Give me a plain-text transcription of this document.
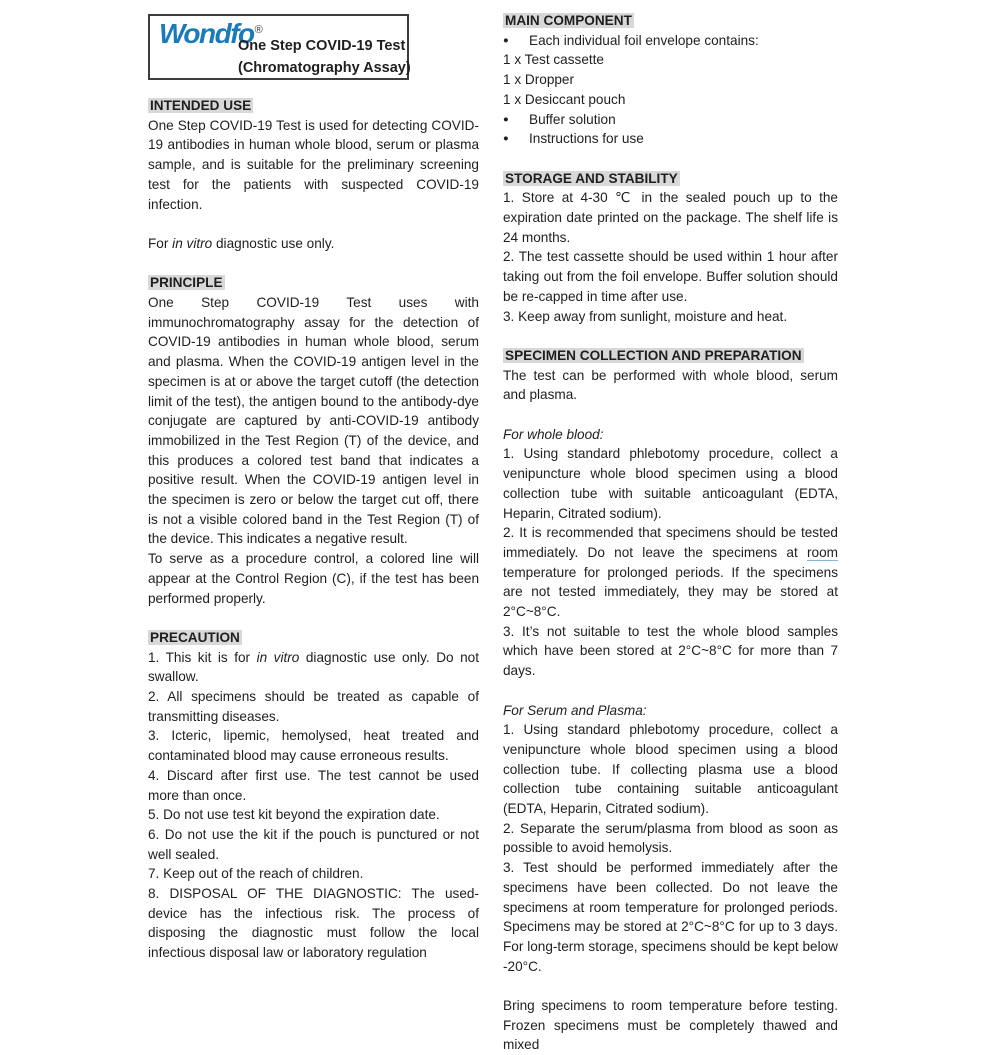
Wondfo®
One Step COVID-19 Test
(Chromatography Assay)
INTENDED USE

One Step COVID-19 Test is used for detecting COVID-19 antibodies in human whole blood, serum or plasma sample, and is suitable for the preliminary screening test for the patients with suspected COVID-19 infection.

For in vitro diagnostic use only.

PRINCIPLE

One Step COVID-19 Test uses with immunochromatography assay for the detection of COVID-19 antibodies in human whole blood, serum and plasma. When the COVID-19 antigen level in the specimen is at or above the target cutoff (the detection limit of the test), the antigen bound to the antibody-dye conjugate are captured by anti-COVID-19 antibody immobilized in the Test Region (T) of the device, and this produces a colored test band that indicates a positive result. When the COVID-19 antigen level in the specimen is zero or below the target cut off, there is not a visible colored band in the Test Region (T) of the device. This indicates a negative result.

To serve as a procedure control, a colored line will appear at the Control Region (C), if the test has been performed properly.

PRECAUTION

1. This kit is for in vitro diagnostic use only. Do not swallow.

2. All specimens should be treated as capable of transmitting diseases.

3. Icteric, lipemic, hemolysed, heat treated and contaminated blood may cause erroneous results.

4. Discard after first use. The test cannot be used more than once.

5. Do not use test kit beyond the expiration date.

6. Do not use the kit if the pouch is punctured or not well sealed.

7. Keep out of the reach of children.

8. DISPOSAL OF THE DIAGNOSTIC: The used-device has the infectious risk. The process of disposing the diagnostic must follow the local infectious disposal law or laboratory regulation

MAIN COMPONENT
●	Each individual foil envelope contains:

1 x Test cassette

1 x Dropper

1 x Desiccant pouch

●	Buffer solution
●	Instructions for use
STORAGE AND STABILITY

1. Store at 4-30 ℃ in the sealed pouch up to the expiration date printed on the package. The shelf life is 24 months.

2. The test cassette should be used within 1 hour after taking out from the foil envelope. Buffer solution should be re-capped in time after use.

3. Keep away from sunlight, moisture and heat.

SPECIMEN COLLECTION AND PREPARATION

The test can be performed with whole blood, serum and plasma.

For whole blood:

1. Using standard phlebotomy procedure, collect a venipuncture whole blood specimen using a blood collection tube with suitable anticoagulant (EDTA, Heparin, Citrated sodium).

2. It is recommended that specimens should be tested immediately. Do not leave the specimens at room temperature for prolonged periods. If the specimens are not tested immediately, they may be stored at 2°C~8°C.

3. It’s not suitable to test the whole blood samples which have been stored at 2°C~8°C for more than 7 days.

For Serum and Plasma:

1. Using standard phlebotomy procedure, collect a venipuncture whole blood specimen using a blood collection tube. If collecting plasma use a blood collection tube containing suitable anticoagulant (EDTA, Heparin, Citrated sodium).

2. Separate the serum/plasma from blood as soon as possible to avoid hemolysis.

3. Test should be performed immediately after the specimens have been collected. Do not leave the specimens at room temperature for prolonged periods. Specimens may be stored at 2°C~8°C for up to 3 days. For long-term storage, specimens should be kept below -20°C.

Bring specimens to room temperature before testing. Frozen specimens must be completely thawed and mixed
